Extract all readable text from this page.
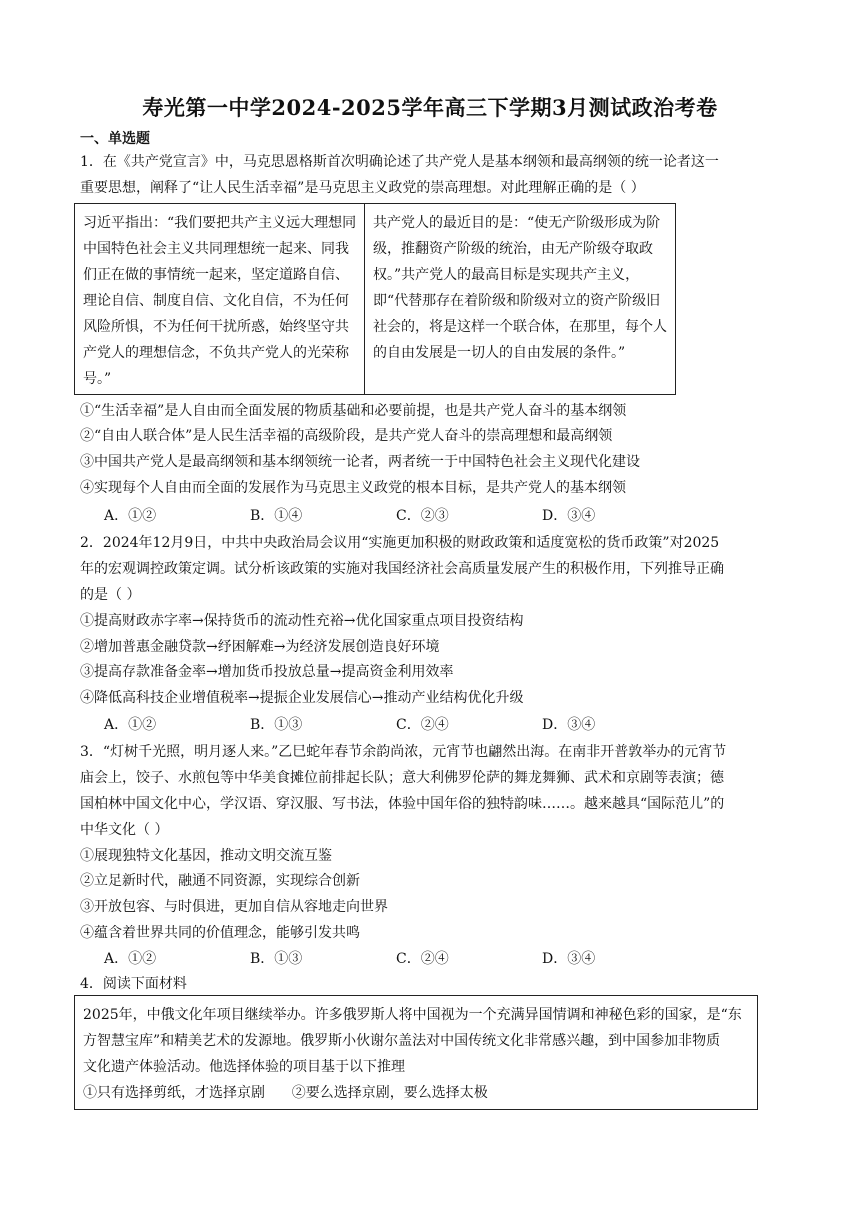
寿光第一中学2024-2025学年高三下学期3月测试政治考卷
一、单选题
1．在《共产党宣言》中，马克思恩格斯首次明确论述了共产党人是基本纲领和最高纲领的统一论者这一
重要思想，阐释了“让人民生活幸福”是马克思主义政党的崇高理想。对此理解正确的是（ ）
习近平指出：“我们要把共产主义远大理想同中国特色社会主义共同理想统一起来、同我们正在做的事情统一起来，坚定道路自信、理论自信、制度自信、文化自信，不为任何风险所惧，不为任何干扰所惑，始终坚守共产党人的理想信念，不负共产党人的光荣称号。”
共产党人的最近目的是：“使无产阶级形成为阶级，推翻资产阶级的统治，由无产阶级夺取政权。”共产党人的最高目标是实现共产主义，即“代替那存在着阶级和阶级对立的资产阶级旧社会的，将是这样一个联合体，在那里，每个人的自由发展是一切人的自由发展的条件。”
①“生活幸福”是人自由而全面发展的物质基础和必要前提，也是共产党人奋斗的基本纲领
②“自由人联合体”是人民生活幸福的高级阶段，是共产党人奋斗的崇高理想和最高纲领
③中国共产党人是最高纲领和基本纲领统一论者，两者统一于中国特色社会主义现代化建设
④实现每个人自由而全面的发展作为马克思主义政党的根本目标，是共产党人的基本纲领
A．①②	B．①④	C．②③	D．③④
2．2024年12月9日，中共中央政治局会议用“实施更加积极的财政政策和适度宽松的货币政策”对2025
年的宏观调控政策定调。试分析该政策的实施对我国经济社会高质量发展产生的积极作用，下列推导正确
的是（ ）
①提高财政赤字率→保持货币的流动性充裕→优化国家重点项目投资结构
②增加普惠金融贷款→纾困解难→为经济发展创造良好环境
③提高存款准备金率→增加货币投放总量→提高资金利用效率
④降低高科技企业增值税率→提振企业发展信心→推动产业结构优化升级
A．①②	B．①③	C．②④	D．③④
3．“灯树千光照，明月逐人来。”乙巳蛇年春节余韵尚浓，元宵节也翩然出海。在南非开普敦举办的元宵节
庙会上，饺子、水煎包等中华美食摊位前排起长队；意大利佛罗伦萨的舞龙舞狮、武术和京剧等表演；德
国柏林中国文化中心，学汉语、穿汉服、写书法，体验中国年俗的独特韵味……。越来越具“国际范儿”的
中华文化（ ）
①展现独特文化基因，推动文明交流互鉴
②立足新时代，融通不同资源，实现综合创新
③开放包容、与时俱进，更加自信从容地走向世界
④蕴含着世界共同的价值理念，能够引发共鸣
A．①②	B．①③	C．②④	D．③④
4．阅读下面材料
2025年，中俄文化年项目继续举办。许多俄罗斯人将中国视为一个充满异国情调和神秘色彩的国家，是“东
方智慧宝库”和精美艺术的发源地。俄罗斯小伙谢尔盖法对中国传统文化非常感兴趣，到中国参加非物质
文化遗产体验活动。他选择体验的项目基于以下推理
①只有选择剪纸，才选择京剧      ②要么选择京剧，要么选择太极
